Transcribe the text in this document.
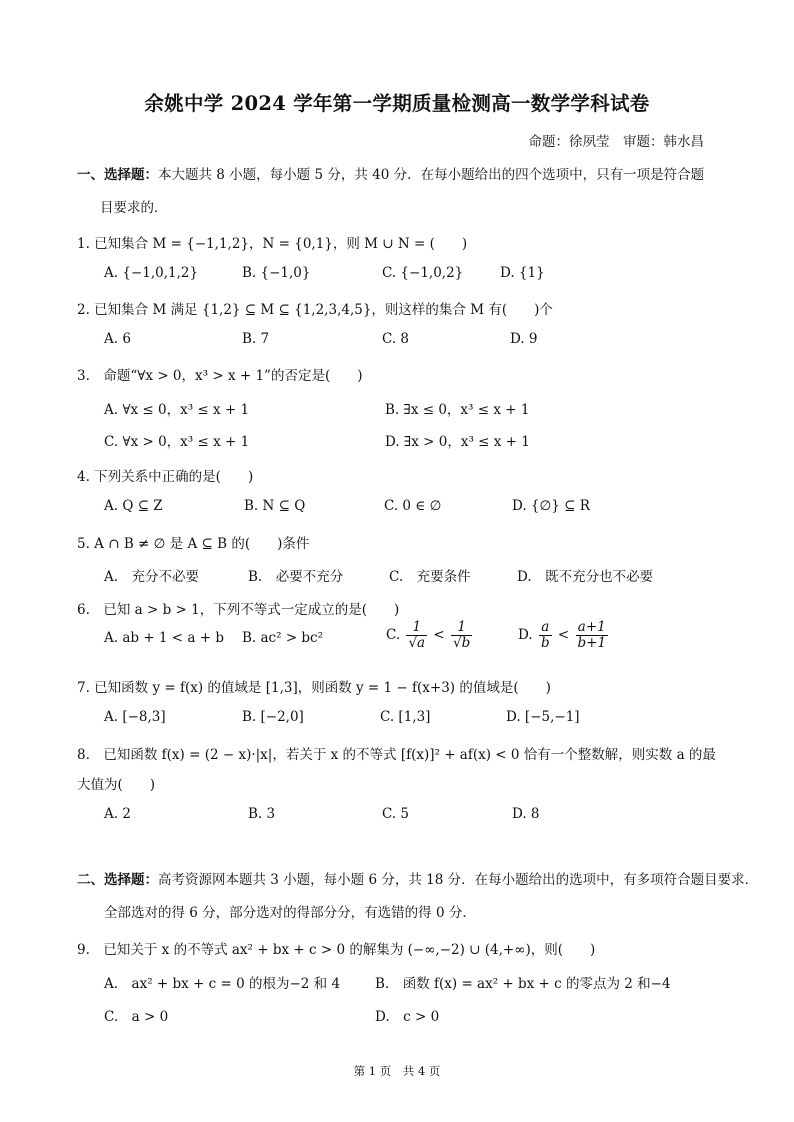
余姚中学 2024 学年第一学期质量检测高一数学学科试卷
命题：徐夙莹　审题：韩水昌
一、选择题：本大题共 8 小题，每小题 5 分，共 40 分．在每小题给出的四个选项中，只有一项是符合题
目要求的．
1. 已知集合 M = {−1,1,2}，N = {0,1}，则 M ∪ N = (　　)
A. {−1,0,1,2}	B. {−1,0}	C. {−1,0,2}	D. {1}
2. 已知集合 M 满足 {1,2} ⊆ M ⊆ {1,2,3,4,5}，则这样的集合 M 有(　　)个
A. 6	B. 7	C. 8	D. 9
3.　命题“∀x > 0，x³ > x + 1”的否定是(　　)
A. ∀x ≤ 0，x³ ≤ x + 1	B. ∃x ≤ 0，x³ ≤ x + 1
C. ∀x > 0，x³ ≤ x + 1	D. ∃x > 0，x³ ≤ x + 1
4. 下列关系中正确的是(　　)
A. Q ⊆ Z	B. N ⊆ Q	C. 0 ∈ ∅	D. {∅} ⊆ R
5. A ∩ B ≠ ∅ 是 A ⊆ B 的(　　)条件
A.　充分不必要	B.　必要不充分	C.　充要条件	D.　既不充分也不必要
6.　已知 a > b > 1，下列不等式一定成立的是(　　)
A. ab + 1 < a + b B. ac² > bc²	C. $\frac{1}{√a} < \frac{1}{√b}$	D. $\frac{a}{b} < \frac{a+1}{b+1}$
7. 已知函数 y = f(x) 的值域是 [1,3]，则函数 y = 1 − f(x+3) 的值域是(　　)
A. [−8,3]	B. [−2,0]	C. [1,3]	D. [−5,−1]
8.　已知函数 f(x) = (2 − x)·|x|，若关于 x 的不等式 [f(x)]² + af(x) < 0 恰有一个整数解，则实数 a 的最
大值为(　　)
A. 2	B. 3	C. 5	D. 8
二、选择题：高考资源网本题共 3 小题，每小题 6 分，共 18 分．在每小题给出的选项中，有多项符合题目要求．
全部选对的得 6 分，部分选对的得部分分，有选错的得 0 分．
9.　已知关于 x 的不等式 ax² + bx + c > 0 的解集为 (−∞,−2) ∪ (4,+∞)，则(　　)
A.　ax² + bx + c = 0 的根为−2 和 4	B.　函数 f(x) = ax² + bx + c 的零点为 2 和−4
C.　a > 0	D.　c > 0
第 1 页　共 4 页
